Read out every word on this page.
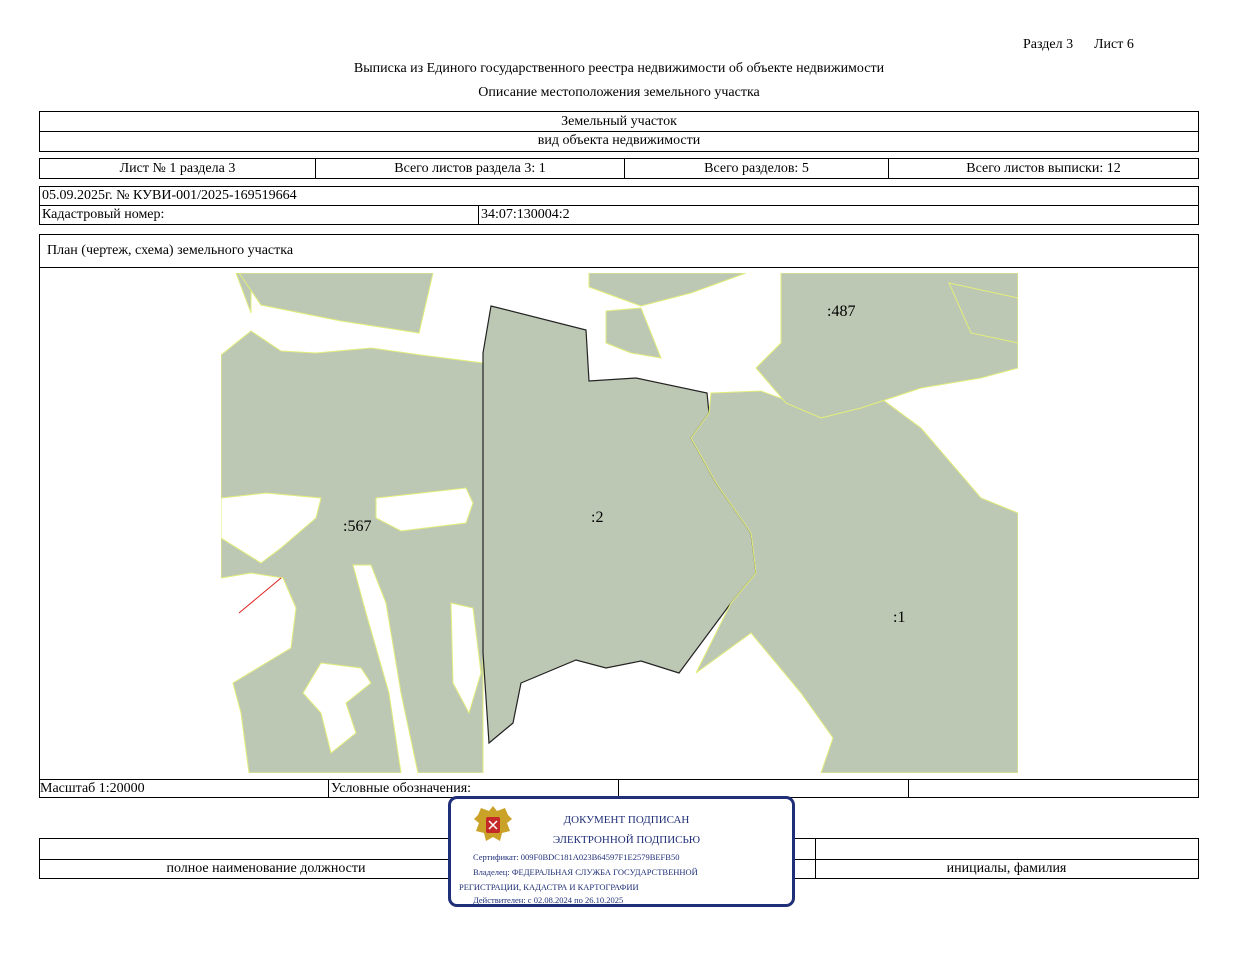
Раздел 3 Лист 6
Выписка из Единого государственного реестра недвижимости об объекте недвижимости
Описание местоположения земельного участка
Земельный участок
вид объекта недвижимости
Лист № 1 раздела 3	Всего листов раздела 3: 1	Всего разделов: 5	Всего листов выписки: 12
05.09.2025г. № КУВИ-001/2025-169519664
Кадастровый номер:	34:07:130004:2
План (чертеж, схема) земельного участка
Масштаб 1:20000	Условные обозначения:
:567
:2
:487
:1
полное наименование должности	инициалы, фамилия
ДОКУМЕНТ ПОДПИСАН
ЭЛЕКТРОННОЙ ПОДПИСЬЮ
Сертификат: 009F0BDC181A023B64597F1E2579BEFB50
Владелец: ФЕДЕРАЛЬНАЯ СЛУЖБА ГОСУДАРСТВЕННОЙ
РЕГИСТРАЦИИ, КАДАСТРА И КАРТОГРАФИИ
Действителен: с 02.08.2024 по 26.10.2025
